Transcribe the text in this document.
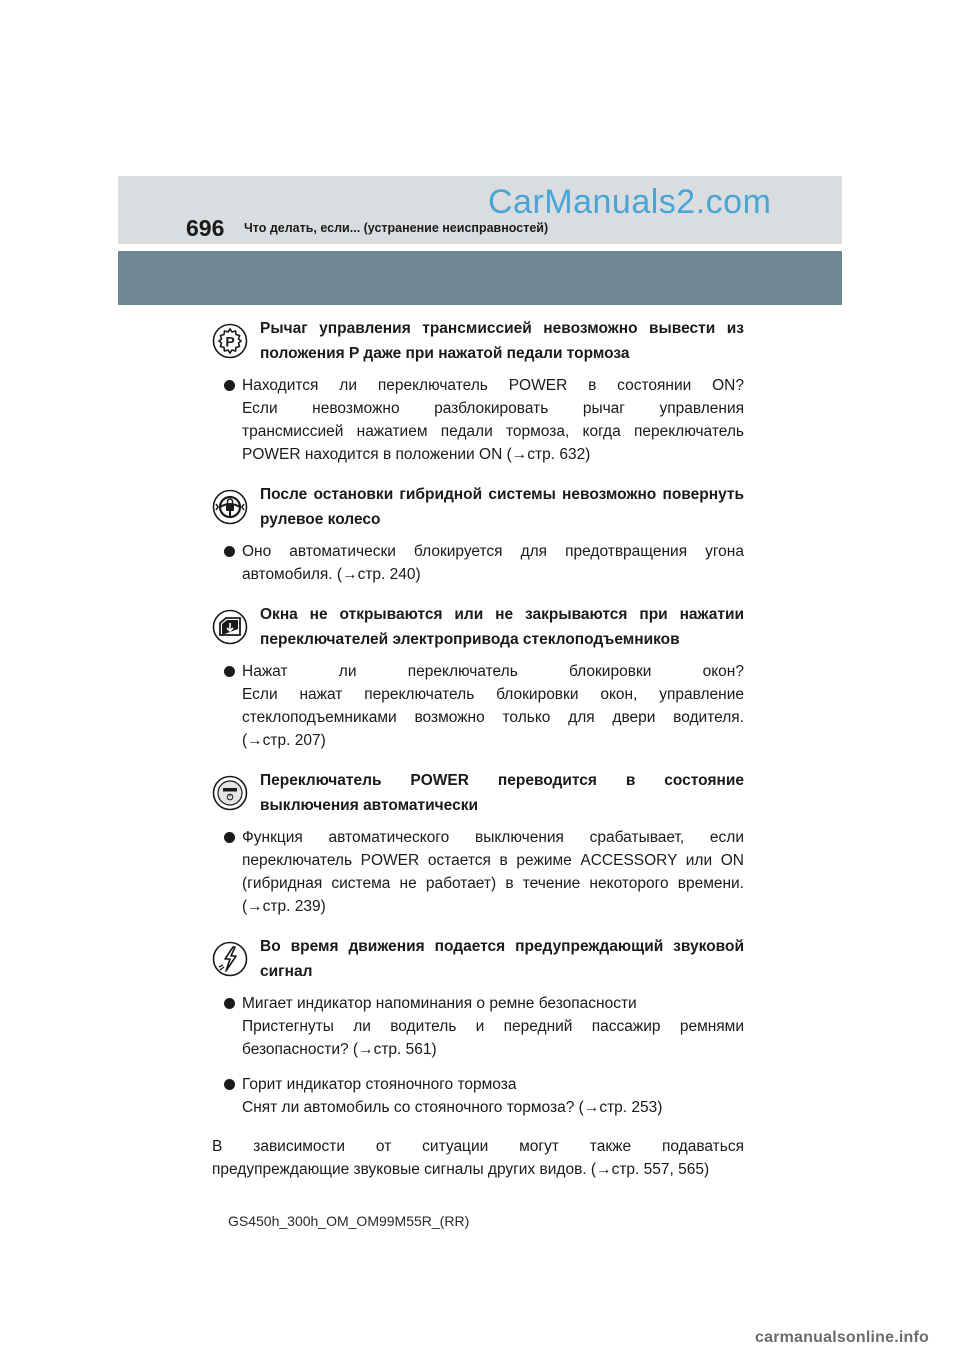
CarManuals2.com
696 Что делать, если... (устранение неисправностей)
P
Рычаг управления трансмиссией невозможно вывести из положения P даже при нажатой педали тормоза
Находится ли переключатель POWER в состоянии ON?
Если невозможно разблокировать рычаг управления
трансмиссией нажатием педали тормоза, когда переключатель
POWER находится в положении ON (→стр. 632)
После остановки гибридной системы невозможно повернуть рулевое колесо
Оно автоматически блокируется для предотвращения угона
автомобиля. (→стр. 240)
Окна не открываются или не закрываются при нажатии переключателей электропривода стеклоподъемников
Нажат ли переключатель блокировки окон?
Если нажат переключатель блокировки окон, управление
стеклоподъемниками возможно только для двери водителя.
(→стр. 207)
Переключатель POWER переводится в состояние выключения автоматически
Функция автоматического выключения срабатывает, если
переключатель POWER остается в режиме ACCESSORY или ON
(гибридная система не работает) в течение некоторого времени.
(→стр. 239)
Во время движения подается предупреждающий звуковой сигнал
Мигает индикатор напоминания о ремне безопасности
Пристегнуты ли водитель и передний пассажир ремнями
безопасности? (→стр. 561)
Горит индикатор стояночного тормоза
Снят ли автомобиль со стояночного тормоза? (→стр. 253)
В зависимости от ситуации могут также подаваться
предупреждающие звуковые сигналы других видов. (→стр. 557, 565)
GS450h_300h_OM_OM99M55R_(RR)
carmanualsonline.info
